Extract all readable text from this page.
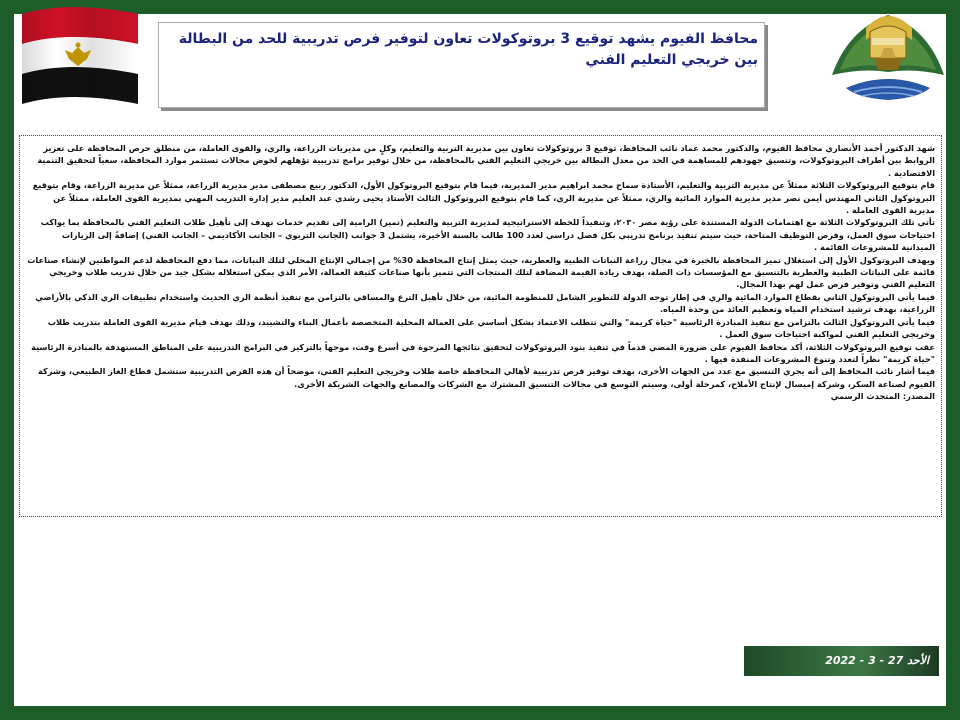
محافظ الفيوم يشهد توقيع 3 بروتوكولات تعاون لتوفير فرص تدريبية للحد من البطالة بين خريجي التعليم الفني

شهد الدكتور أحمد الأنصاري محافظ الفيوم، والدكتور محمد عماد نائب المحافظ، توقيع 3 بروتوكولات تعاون بين مديرية التربية والتعليم، وكلٍ من مديريات الزراعة، والري، والقوى العاملة، من منطلق حرص المحافظة على تعزيز الروابط بين أطراف البروتوكولات، وتنسيق جهودهم للمساهمة في الحد من معدل البطالة بين خريجي التعليم الفني بالمحافظة، من خلال توفير برامج تدريبية تؤهلهم لخوض مجالات تستثمر موارد المحافظة، سعياً لتحقيق التنمية الاقتصادية .

قام بتوقيع البروتوكولات الثلاثة ممثلاً عن مديرية التربية والتعليم، الأستاذة سماح محمد ابراهيم مدير المديرية، فيما قام بتوقيع البروتوكول الأول، الدكتور ربيع مصطفى مدير مديرية الزراعة، ممثلاً عن مديرية الزراعة، وقام بتوقيع البروتوكول الثاني المهندس أيمن نصر مدير مديرية الموارد المائية والري، ممثلاً عن مديرية الري، كما قام بتوقيع البروتوكول الثالث الأستاذ يحيى رشدي عبد العليم مدير إدارة التدريب المهني بمديرية القوى العاملة، ممثلاً عن مديرية القوى العاملة .

تأتي تلك البروتوكولات الثلاثة مع اهتمامات الدولة المستندة على رؤية مصر ٢٠٣٠، وتنفيذاً للخطة الاستراتيجية لمديرية التربية والتعليم (تميز) الرامية إلى تقديم خدمات تهدف إلى تأهيل طلاب التعليم الفني بالمحافظة بما يواكب احتياجات سوق العمل، وفرص التوظيف المتاحة، حيث سيتم تنفيذ برنامج تدريبي بكل فصل دراسي لعدد 100 طالب بالسنة الأخيرة، يشتمل 3 جوانب (الجانب التربوي – الجانب الأكاديمي – الجانب الفني) إضافةً إلى الزيارات الميدانية للمشروعات القائمة .

ويهدف البروتوكول الأول إلى استغلال تميز المحافظة بالخبرة في مجال زراعة النباتات الطبية والعطرية، حيث يمثل إنتاج المحافظة 30% من إجمالي الإنتاج المحلي لتلك النباتات، مما دفع المحافظة لدعم المواطنين لإنشاء صناعات قائمة على النباتات الطبية والعطرية بالتنسيق مع المؤسسات ذات الصلة، بهدف زيادة القيمة المضافة لتلك المنتجات التي تتميز بأنها صناعات كثيفة العمالة، الأمر الذي يمكن استغلاله بشكل جيد من خلال تدريب طلاب وخريجي التعليم الفني وتوفير فرص عمل لهم بهذا المجال.

فيما يأتي البروتوكول الثاني بقطاع الموارد المائية والري في إطار توجه الدولة للتطوير الشامل للمنظومة المائية، من خلال تأهيل الترع والمساقي بالتزامن مع تنفيذ أنظمة الري الحديث واستخدام تطبيقات الري الذكي بالأراضي الزراعية، بهدف ترشيد استخدام المياه وتعظيم العائد من وحدة المياه.

فيما يأتي البروتوكول الثالث بالتزامن مع تنفيذ المبادرة الرئاسية "حياة كريمة" والتي تتطلب الاعتماد بشكل أساسي على العمالة المحلية المتخصصة بأعمال البناء والتشييد، وذلك بهدف قيام مديرية القوى العاملة بتدريب طلاب وخريجي التعليم الفني لمواكبة احتياجات سوق العمل .

عقب توقيع البروتوكولات الثلاثة، أكد محافظ الفيوم على ضرورة المضي قدماً في تنفيذ بنود البروتوكولات لتحقيق نتائجها المرجوة في أسرع وقت، موجهاً بالتركيز في البرامج التدريبية على المناطق المستهدفة بالمبادرة الرئاسية "حياة كريمة" نظراً لتعدد وتنوع المشروعات المنفذة فيها .

فيما أشار نائب المحافظ إلى أنه يجري التنسيق مع عدد من الجهات الأخرى، بهدف توفير فرص تدريبية لأهالي المحافظة خاصة طلاب وخريجي التعليم الفني، موضحاً أن هذه الفرص التدريبية ستشمل قطاع الغاز الطبيعي، وشركة الفيوم لصناعة السكر، وشركة إميسال لإنتاج الأملاح، كمرحلة أولى، وسيتم التوسع في مجالات التنسيق المشترك مع الشركات والمصانع والجهات الشريكة الأخرى.

المصدر: المتحدث الرسمي

الأحد 27 - 3 - 2022
